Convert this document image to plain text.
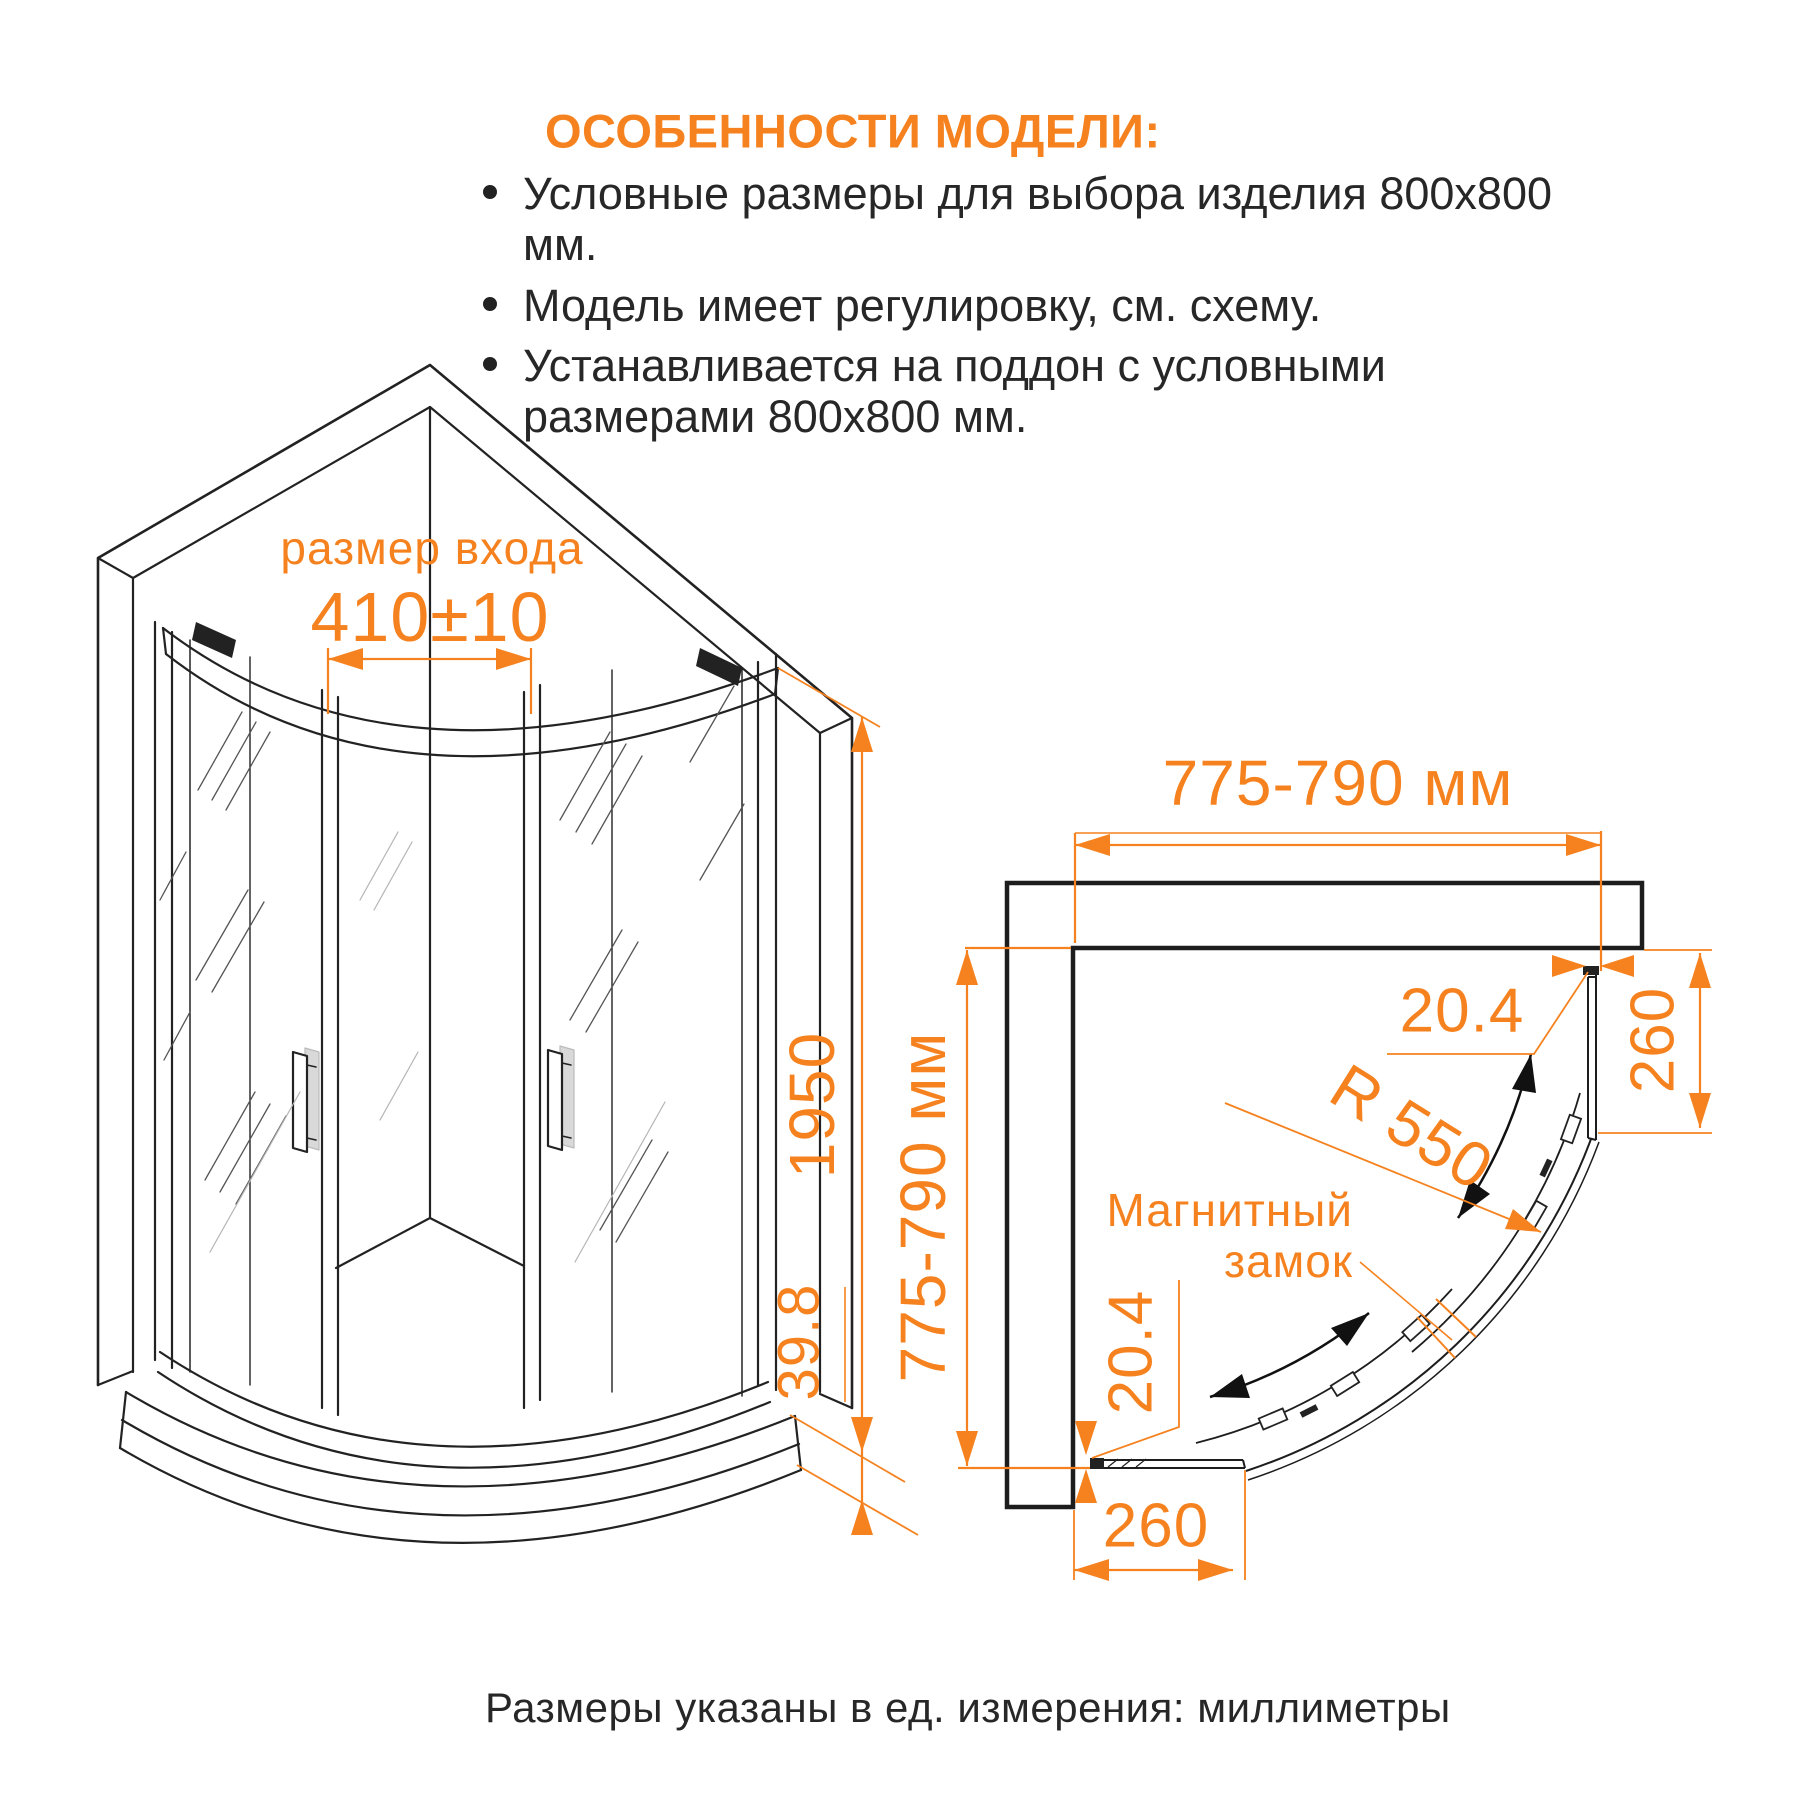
ОСОБЕННОСТИ МОДЕЛИ:
Условные размеры для выбора изделия 800x800 мм.
Модель имеет регулировку, см. схему.
Устанавливается на поддон с условными размерами 800x800 мм.
размер входа
410±10
1950
39.8
775-790 мм
775-790 мм
20.4 260
R 550
Магнитный
замок
20.4
260
Размеры указаны в ед. измерения: миллиметры
